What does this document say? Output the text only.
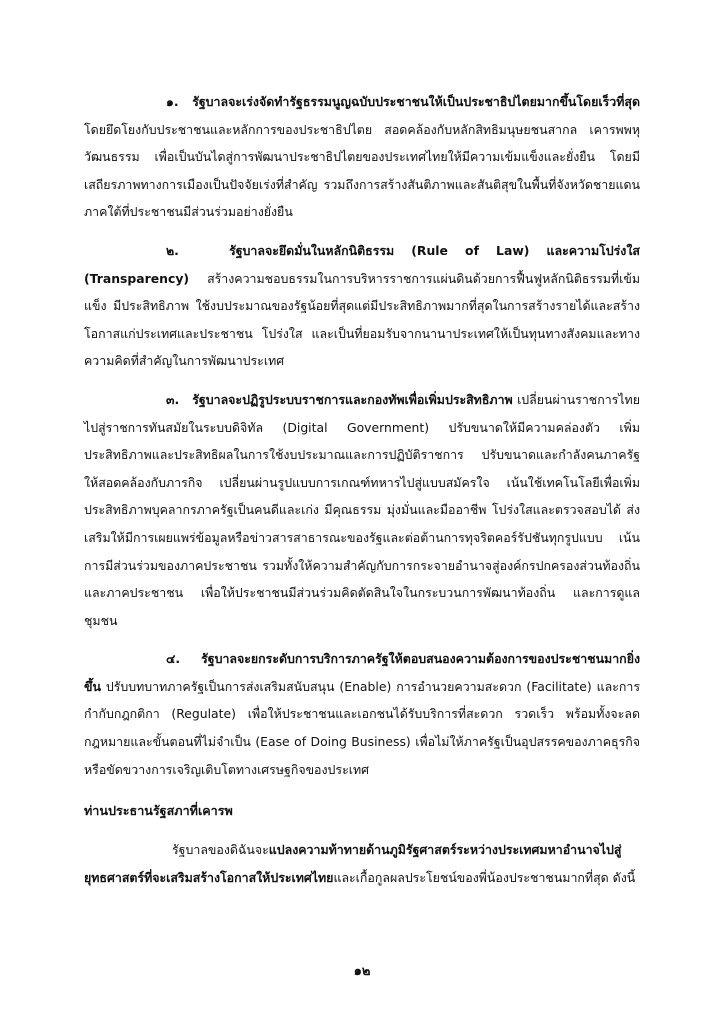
๑. รัฐบาลจะเร่งจัดทำรัฐธรรมนูญฉบับประชาชนให้เป็นประชาธิปไตยมากขึ้นโดยเร็วที่สุด โดยยึดโยงกับประชาชนและหลักการของประชาธิปไตย สอดคล้องกับหลักสิทธิมนุษยชนสากล เคารพพหุวัฒนธรรม เพื่อเป็นบันไดสู่การพัฒนาประชาธิปไตยของประเทศไทยให้มีความเข้มแข็งและยั่งยืน โดยมีเสถียรภาพทางการเมืองเป็นปัจจัยเร่งที่สำคัญ รวมถึงการสร้างสันติภาพและสันติสุขในพื้นที่จังหวัดชายแดนภาคใต้ที่ประชาชนมีส่วนร่วมอย่างยั่งยืน

๒.	รัฐบาลจะยึดมั่นในหลักนิติธรรม (Rule of Law) และความโปร่งใส (Transparency) สร้างความชอบธรรมในการบริหารราชการแผ่นดินด้วยการฟื้นฟูหลักนิติธรรมที่เข้มแข็ง มีประสิทธิภาพ ใช้งบประมาณของรัฐน้อยที่สุดแต่มีประสิทธิภาพมากที่สุดในการสร้างรายได้และสร้างโอกาสแก่ประเทศและประชาชน โปร่งใส และเป็นที่ยอมรับจากนานาประเทศให้เป็นทุนทางสังคมและทางความคิดที่สำคัญในการพัฒนาประเทศ

๓. รัฐบาลจะปฏิรูประบบราชการและกองทัพเพื่อเพิ่มประสิทธิภาพ เปลี่ยนผ่านราชการไทยไปสู่ราชการทันสมัยในระบบดิจิทัล (Digital Government) ปรับขนาดให้มีความคล่องตัว เพิ่มประสิทธิภาพและประสิทธิผลในการใช้งบประมาณและการปฏิบัติราชการ ปรับขนาดและกำลังคนภาครัฐให้สอดคล้องกับภารกิจ เปลี่ยนผ่านรูปแบบการเกณฑ์ทหารไปสู่แบบสมัครใจ เน้นใช้เทคโนโลยีเพื่อเพิ่มประสิทธิภาพบุคลากรภาครัฐเป็นคนดีและเก่ง มีคุณธรรม มุ่งมั่นและมืออาชีพ โปร่งใสและตรวจสอบได้ ส่งเสริมให้มีการเผยแพร่ข้อมูลหรือข่าวสารสาธารณะของรัฐและต่อต้านการทุจริตคอร์รัปชันทุกรูปแบบ เน้นการมีส่วนร่วมของภาคประชาชน รวมทั้งให้ความสำคัญกับการกระจายอำนาจสู่องค์กรปกครองส่วนท้องถิ่นและภาคประชาชน เพื่อให้ประชาชนมีส่วนร่วมคิดตัดสินใจในกระบวนการพัฒนาท้องถิ่น และการดูแลชุมชน

๔. รัฐบาลจะยกระดับการบริการภาครัฐให้ตอบสนองความต้องการของประชาชนมากยิ่งขึ้น ปรับบทบาทภาครัฐเป็นการส่งเสริมสนับสนุน (Enable) การอำนวยความสะดวก (Facilitate) และการกำกับกฎกติกา (Regulate) เพื่อให้ประชาชนและเอกชนได้รับบริการที่สะดวก รวดเร็ว พร้อมทั้งจะลดกฎหมายและขั้นตอนที่ไม่จำเป็น (Ease of Doing Business) เพื่อไม่ให้ภาครัฐเป็นอุปสรรคของภาคธุรกิจหรือขัดขวางการเจริญเติบโตทางเศรษฐกิจของประเทศ

ท่านประธานรัฐสภาที่เคารพ

รัฐบาลของดิฉันจะแปลงความท้าทายด้านภูมิรัฐศาสตร์ระหว่างประเทศมหาอำนาจไปสู่ยุทธศาสตร์ที่จะเสริมสร้างโอกาสให้ประเทศไทยและเกื้อกูลผลประโยชน์ของพี่น้องประชาชนมากที่สุด ดังนี้

๑๒
